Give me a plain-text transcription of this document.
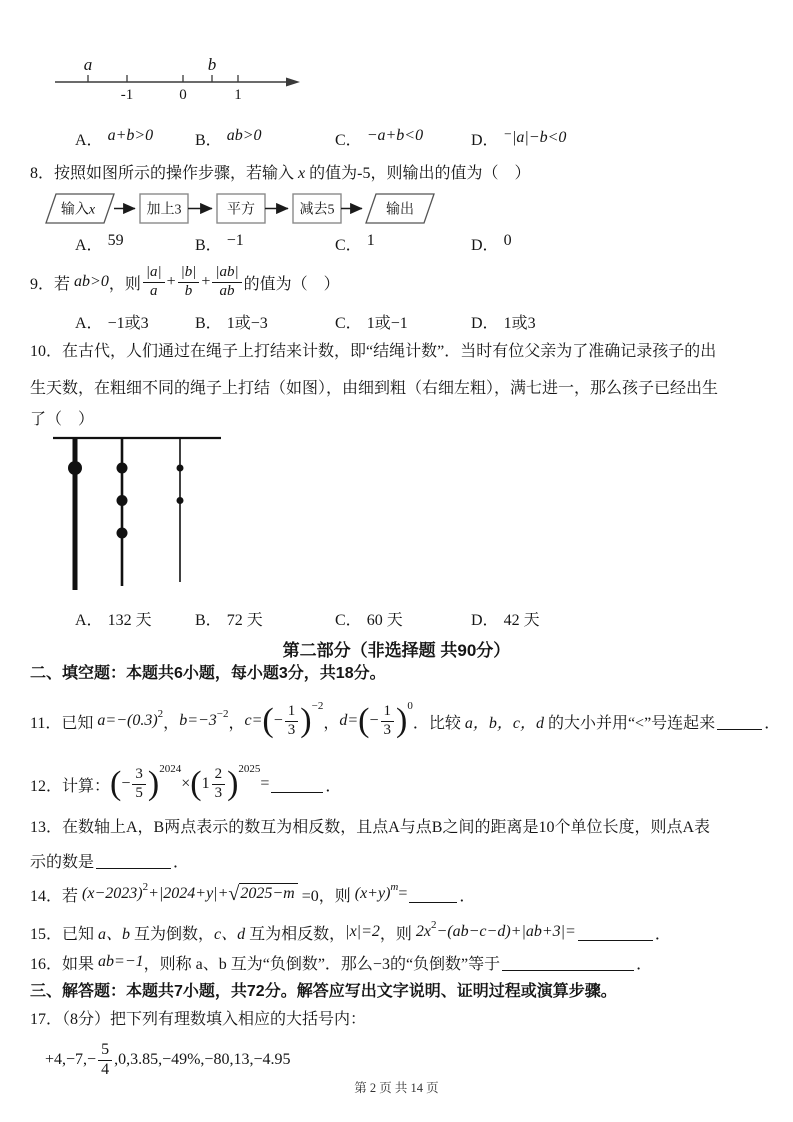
a	b
-1	0	1
A． a+b>0	B． ab>0	C． −a+b<0	D． ⁻|a|−b<0
8．按照如图所示的操作步骤，若输入 x 的值为-5，则输出的值为（　）
输入x	加上3	平方	减去5	输出
A． 59	B． −1	C． 1	D． 0
9．若 ab>0 ，则 $\frac{|a|}{a} + \frac{|b|}{b} + \frac{|ab|}{ab}$ 的值为（　）
A． −1或3	B． 1或−3	C． 1或−1	D． 1或3
10．在古代，人们通过在绳子上打结来计数，即“结绳计数”．当时有位父亲为了准确记录孩子的出
生天数，在粗细不同的绳子上打结（如图），由细到粗（右细左粗），满七进一，那么孩子已经出生
了（　）
A． 132 天	B． 72 天	C． 60 天	D． 42 天
第二部分（非选择题 共90分）
二、填空题：本题共6小题，每小题3分，共18分。
11．已知 a=−(0.3) 2
， b=−3 −2
， c= ( − $\frac{1}{3}$ ) −2
， d= ( − $\frac{1}{3}$ ) 0
．比较 a，b，c，d 的大小并用“<”号连起来	．
12．计算： ( − $\frac{3}{5}$ ) 2024
× ( $1 \frac{2}{3}$ ) 2025
=	．
13．在数轴上A，B两点表示的数互为相反数，且点A与点B之间的距离是10个单位长度，则点A表
示的数是	．
14．若 (x−2023) 2 +|2024+y|+ √ 2025−m =0，则 (x+y) m =	．
15．已知 a、b 互为倒数， c、d 互为相反数， |x|=2 ，则 2x 2 −(ab−c−d)+|ab+3|=	．
16．如果 ab=−1 ，则称 a、b 互为“负倒数”．那么−3的“负倒数”等于	．
三、解答题：本题共7小题，共72分。解答应写出文字说明、证明过程或演算步骤。
17．（8分）把下列有理数填入相应的大括号内：
$+4,-7,- \frac{5}{4} ,0,3.85,-49\%,-80,13,-4.95$
第 2 页 共 14 页
